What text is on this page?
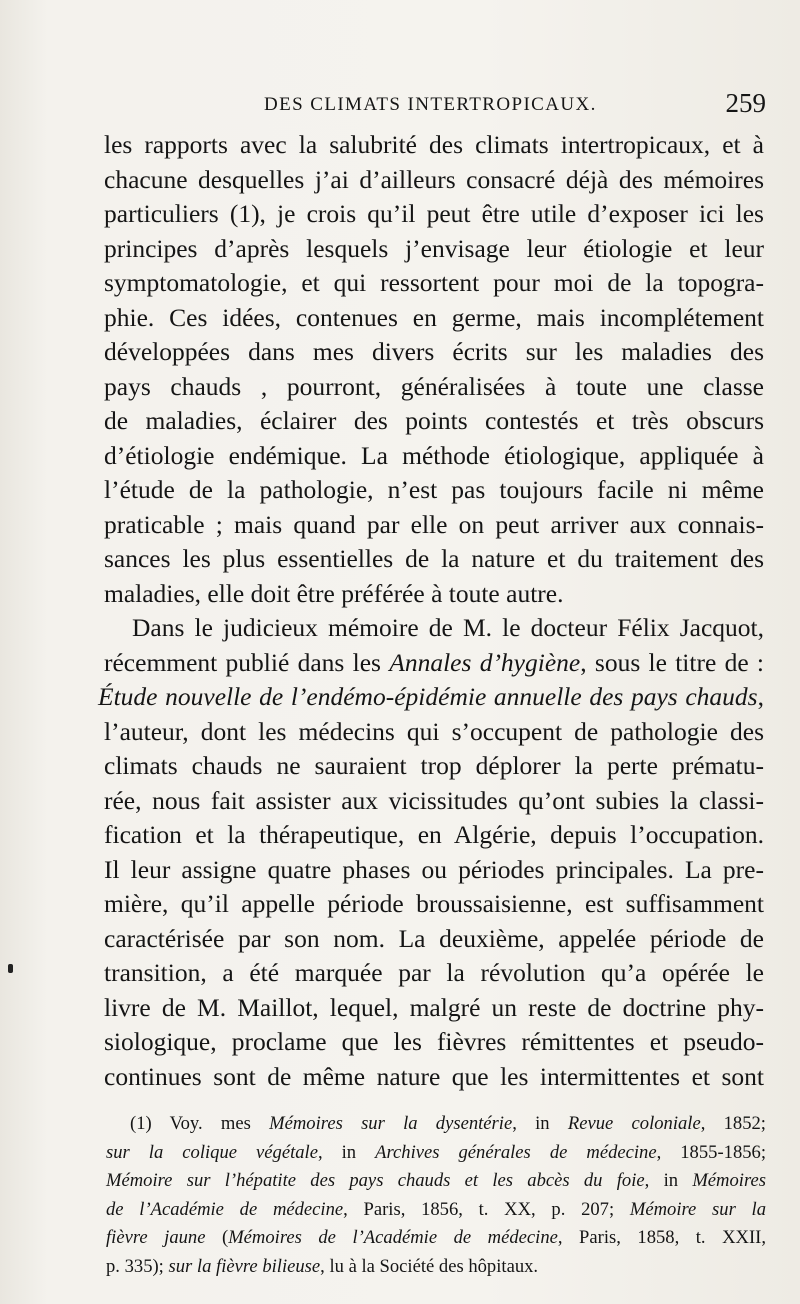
DES CLIMATS INTERTROPICAUX.	259
les rapports avec la salubrité des climats intertropicaux, et à
chacune desquelles j’ai d’ailleurs consacré déjà des mémoires
particuliers (1), je crois qu’il peut être utile d’exposer ici les
principes d’après lesquels j’envisage leur étiologie et leur
symptomatologie, et qui ressortent pour moi de la topogra-
phie. Ces idées, contenues en germe, mais incomplétement
développées dans mes divers écrits sur les maladies des
pays chauds , pourront, généralisées à toute une classe
de maladies, éclairer des points contestés et très obscurs
d’étiologie endémique. La méthode étiologique, appliquée à
l’étude de la pathologie, n’est pas toujours facile ni même
praticable ; mais quand par elle on peut arriver aux connais-
sances les plus essentielles de la nature et du traitement des
maladies, elle doit être préférée à toute autre.
Dans le judicieux mémoire de M. le docteur Félix Jacquot,
récemment publié dans les Annales d’hygiène, sous le titre de :
Étude nouvelle de l’endémo-épidémie annuelle des pays chauds,
l’auteur, dont les médecins qui s’occupent de pathologie des
climats chauds ne sauraient trop déplorer la perte prématu-
rée, nous fait assister aux vicissitudes qu’ont subies la classi-
fication et la thérapeutique, en Algérie, depuis l’occupation.
Il leur assigne quatre phases ou périodes principales. La pre-
mière, qu’il appelle période broussaisienne, est suffisamment
caractérisée par son nom. La deuxième, appelée période de
transition, a été marquée par la révolution qu’a opérée le
livre de M. Maillot, lequel, malgré un reste de doctrine phy-
siologique, proclame que les fièvres rémittentes et pseudo-
continues sont de même nature que les intermittentes et sont
(1) Voy. mes Mémoires sur la dysentérie, in Revue coloniale, 1852;
sur la colique végétale, in Archives générales de médecine, 1855-1856;
Mémoire sur l’hépatite des pays chauds et les abcès du foie, in Mémoires
de l’Académie de médecine, Paris, 1856, t. XX, p. 207; Mémoire sur la
fièvre jaune (Mémoires de l’Académie de médecine, Paris, 1858, t. XXII,
p. 335); sur la fièvre bilieuse, lu à la Société des hôpitaux.
